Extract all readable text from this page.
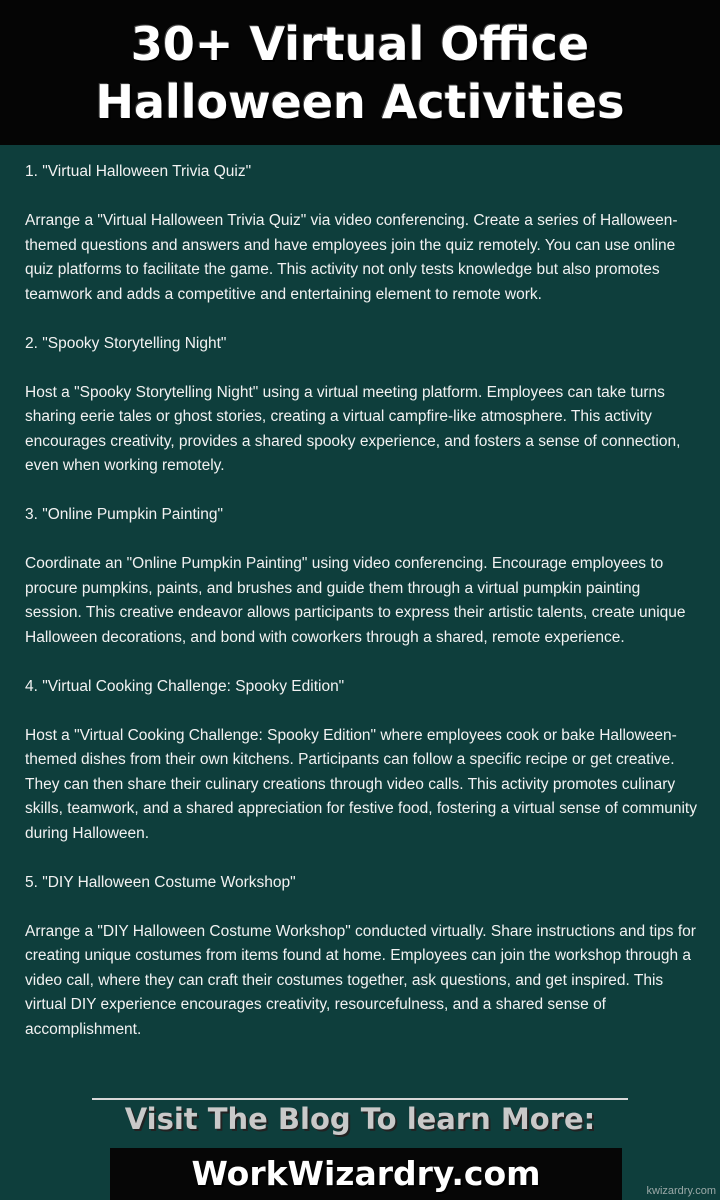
30+ Virtual Office
Halloween Activities

1. "Virtual Halloween Trivia Quiz"

Arrange a "Virtual Halloween Trivia Quiz" via video conferencing. Create a series of Halloween-themed questions and answers and have employees join the quiz remotely. You can use online quiz platforms to facilitate the game. This activity not only tests knowledge but also promotes teamwork and adds a competitive and entertaining element to remote work.

2. "Spooky Storytelling Night"

Host a "Spooky Storytelling Night" using a virtual meeting platform. Employees can take turns sharing eerie tales or ghost stories, creating a virtual campfire-like atmosphere. This activity encourages creativity, provides a shared spooky experience, and fosters a sense of connection, even when working remotely.

3. "Online Pumpkin Painting"

Coordinate an "Online Pumpkin Painting" using video conferencing. Encourage employees to procure pumpkins, paints, and brushes and guide them through a virtual pumpkin painting session. This creative endeavor allows participants to express their artistic talents, create unique Halloween decorations, and bond with coworkers through a shared, remote experience.

4. "Virtual Cooking Challenge: Spooky Edition"

Host a "Virtual Cooking Challenge: Spooky Edition" where employees cook or bake Halloween-themed dishes from their own kitchens. Participants can follow a specific recipe or get creative. They can then share their culinary creations through video calls. This activity promotes culinary skills, teamwork, and a shared appreciation for festive food, fostering a virtual sense of community during Halloween.

5. "DIY Halloween Costume Workshop"

Arrange a "DIY Halloween Costume Workshop" conducted virtually. Share instructions and tips for creating unique costumes from items found at home. Employees can join the workshop through a video call, where they can craft their costumes together, ask questions, and get inspired. This virtual DIY experience encourages creativity, resourcefulness, and a shared sense of accomplishment.

Visit The Blog To learn More:
WorkWizardry.com	kwizardry.com
